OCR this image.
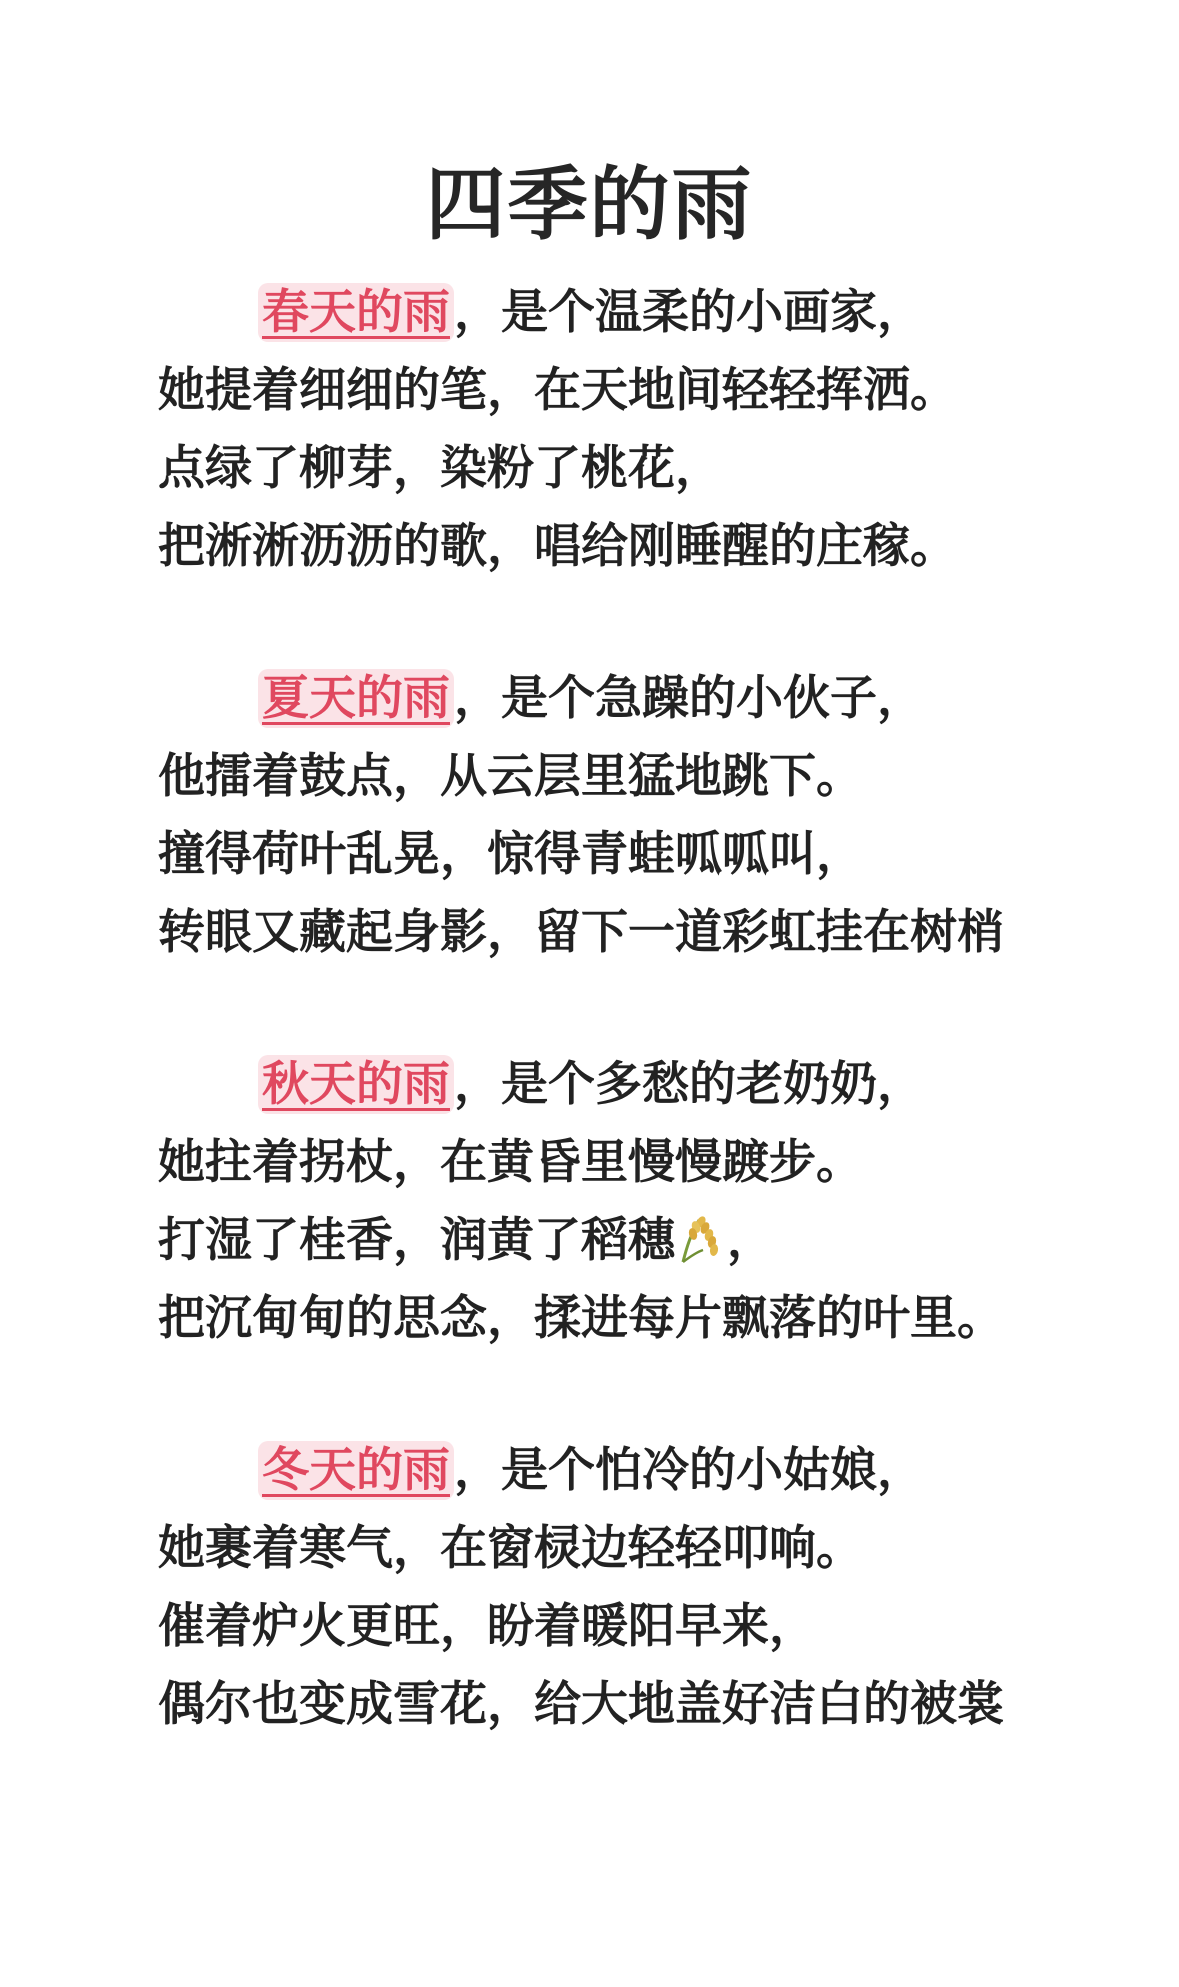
四季的雨
春天的雨，是个温柔的小画家，
她提着细细的笔，在天地间轻轻挥洒。
点绿了柳芽，染粉了桃花，
把淅淅沥沥的歌，唱给刚睡醒的庄稼。
夏天的雨，是个急躁的小伙子，
他擂着鼓点，从云层里猛地跳下。
撞得荷叶乱晃，惊得青蛙呱呱叫，
转眼又藏起身影，留下一道彩虹挂在树梢
秋天的雨，是个多愁的老奶奶，
她拄着拐杖，在黄昏里慢慢踱步。
打湿了桂香，润黄了稻穗 ，
把沉甸甸的思念，揉进每片飘落的叶里。
冬天的雨，是个怕冷的小姑娘，
她裹着寒气，在窗棂边轻轻叩响。
催着炉火更旺，盼着暖阳早来，
偶尔也变成雪花，给大地盖好洁白的被裳
